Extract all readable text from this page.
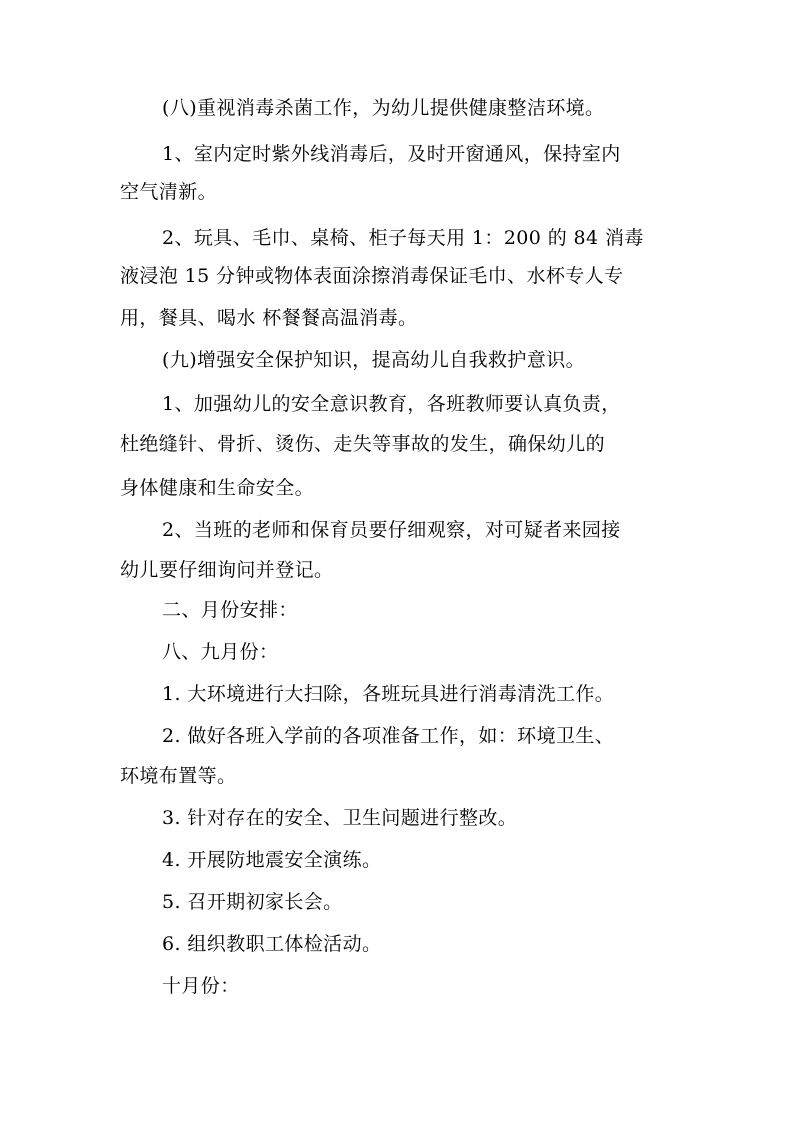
(八)重视消毒杀菌工作，为幼儿提供健康整洁环境。
1、室内定时紫外线消毒后，及时开窗通风，保持室内
空气清新。
2、玩具、毛巾、桌椅、柜子每天用 1：200 的 84 消毒
液浸泡 15 分钟或物体表面涂擦消毒保证毛巾、水杯专人专
用，餐具、喝水 杯餐餐高温消毒。
(九)增强安全保护知识，提高幼儿自我救护意识。
1、加强幼儿的安全意识教育，各班教师要认真负责，
杜绝缝针、骨折、烫伤、走失等事故的发生，确保幼儿的
身体健康和生命安全。
2、当班的老师和保育员要仔细观察，对可疑者来园接
幼儿要仔细询问并登记。
二、月份安排：
八、九月份：
1. 大环境进行大扫除，各班玩具进行消毒清洗工作。
2. 做好各班入学前的各项准备工作，如：环境卫生、
环境布置等。
3. 针对存在的安全、卫生问题进行整改。
4. 开展防地震安全演练。
5. 召开期初家长会。
6. 组织教职工体检活动。
十月份：
